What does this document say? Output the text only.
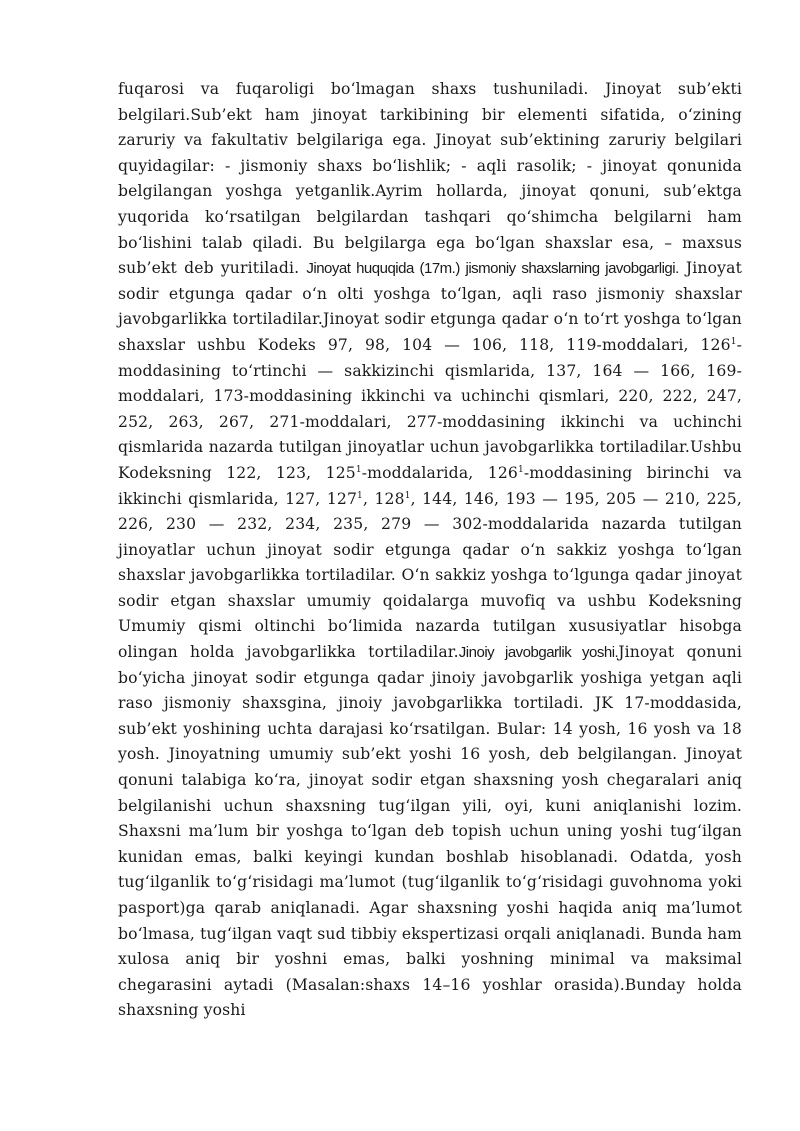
fuqarosi va fuqaroligi bo‘lmagan shaxs tushuniladi. Jinoyat sub’ekti belgilari.Sub’ekt ham jinoyat tarkibining bir elementi sifatida, o‘zining zaruriy va fakultativ belgilariga ega. Jinoyat sub’ektining zaruriy belgilari quyidagilar: - jismoniy shaxs bo‘lishlik; - aqli rasolik; - jinoyat qonunida belgilangan yoshga yetganlik.Ayrim hollarda, jinoyat qonuni, sub’ektga yuqorida ko‘rsatilgan belgilardan tashqari qo‘shimcha belgilarni ham bo‘lishini talab qiladi. Bu belgilarga ega bo‘lgan shaxslar esa, – maxsus sub’ekt deb yuritiladi. Jinoyat huquqida (17m.) jismoniy shaxslarning javobgarligi. Jinoyat sodir etgunga qadar o‘n olti yoshga to‘lgan, aqli raso jismoniy shaxslar javobgarlikka tortiladilar.Jinoyat sodir etgunga qadar o‘n to‘rt yoshga to‘lgan shaxslar ushbu Kodeks 97, 98, 104 — 106, 118, 119-moddalari, $126^1$-moddasining to‘rtinchi — sakkizinchi qismlarida, 137, 164 — 166, 169-moddalari, 173-moddasining ikkinchi va uchinchi qismlari, 220, 222, 247, 252, 263, 267, 271-moddalari, 277-moddasining ikkinchi va uchinchi qismlarida nazarda tutilgan jinoyatlar uchun javobgarlikka tortiladilar.Ushbu Kodeksning 122, 123, $125^1$-moddalarida, $126^1$-moddasining birinchi va ikkinchi qismlarida, 127, $127^1$, $128^1$, 144, 146, 193 — 195, 205 — 210, 225, 226, 230 — 232, 234, 235, 279 — 302-moddalarida nazarda tutilgan jinoyatlar uchun jinoyat sodir etgunga qadar o‘n sakkiz yoshga to‘lgan shaxslar javobgarlikka tortiladilar. O‘n sakkiz yoshga to‘lgunga qadar jinoyat sodir etgan shaxslar umumiy qoidalarga muvofiq va ushbu Kodeksning Umumiy qismi oltinchi bo‘limida nazarda tutilgan xususiyatlar hisobga olingan holda javobgarlikka tortiladilar.Jinoiy javobgarlik yoshi.Jinoyat qonuni bo‘yicha jinoyat sodir etgunga qadar jinoiy javobgarlik yoshiga yetgan aqli raso jismoniy shaxsgina, jinoiy javobgarlikka tortiladi. JK 17-moddasida, sub’ekt yoshining uchta darajasi ko‘rsatilgan. Bular: 14 yosh, 16 yosh va 18 yosh. Jinoyatning umumiy sub’ekt yoshi 16 yosh, deb belgilangan. Jinoyat qonuni talabiga ko‘ra, jinoyat sodir etgan shaxsning yosh chegaralari aniq belgilanishi uchun shaxsning tug‘ilgan yili, oyi, kuni aniqlanishi lozim. Shaxsni ma’lum bir yoshga to‘lgan deb topish uchun uning yoshi tug‘ilgan kunidan emas, balki keyingi kundan boshlab hisoblanadi. Odatda, yosh tug‘ilganlik to‘g‘risidagi ma’lumot (tug‘ilganlik to‘g‘risidagi guvohnoma yoki pasport)ga qarab aniqlanadi. Agar shaxsning yoshi haqida aniq ma’lumot bo‘lmasa, tug‘ilgan vaqt sud tibbiy ekspertizasi orqali aniqlanadi. Bunda ham xulosa aniq bir yoshni emas, balki yoshning minimal va maksimal chegarasini aytadi (Masalan:shaxs 14–16 yoshlar orasida).Bunday holda shaxsning yoshi
